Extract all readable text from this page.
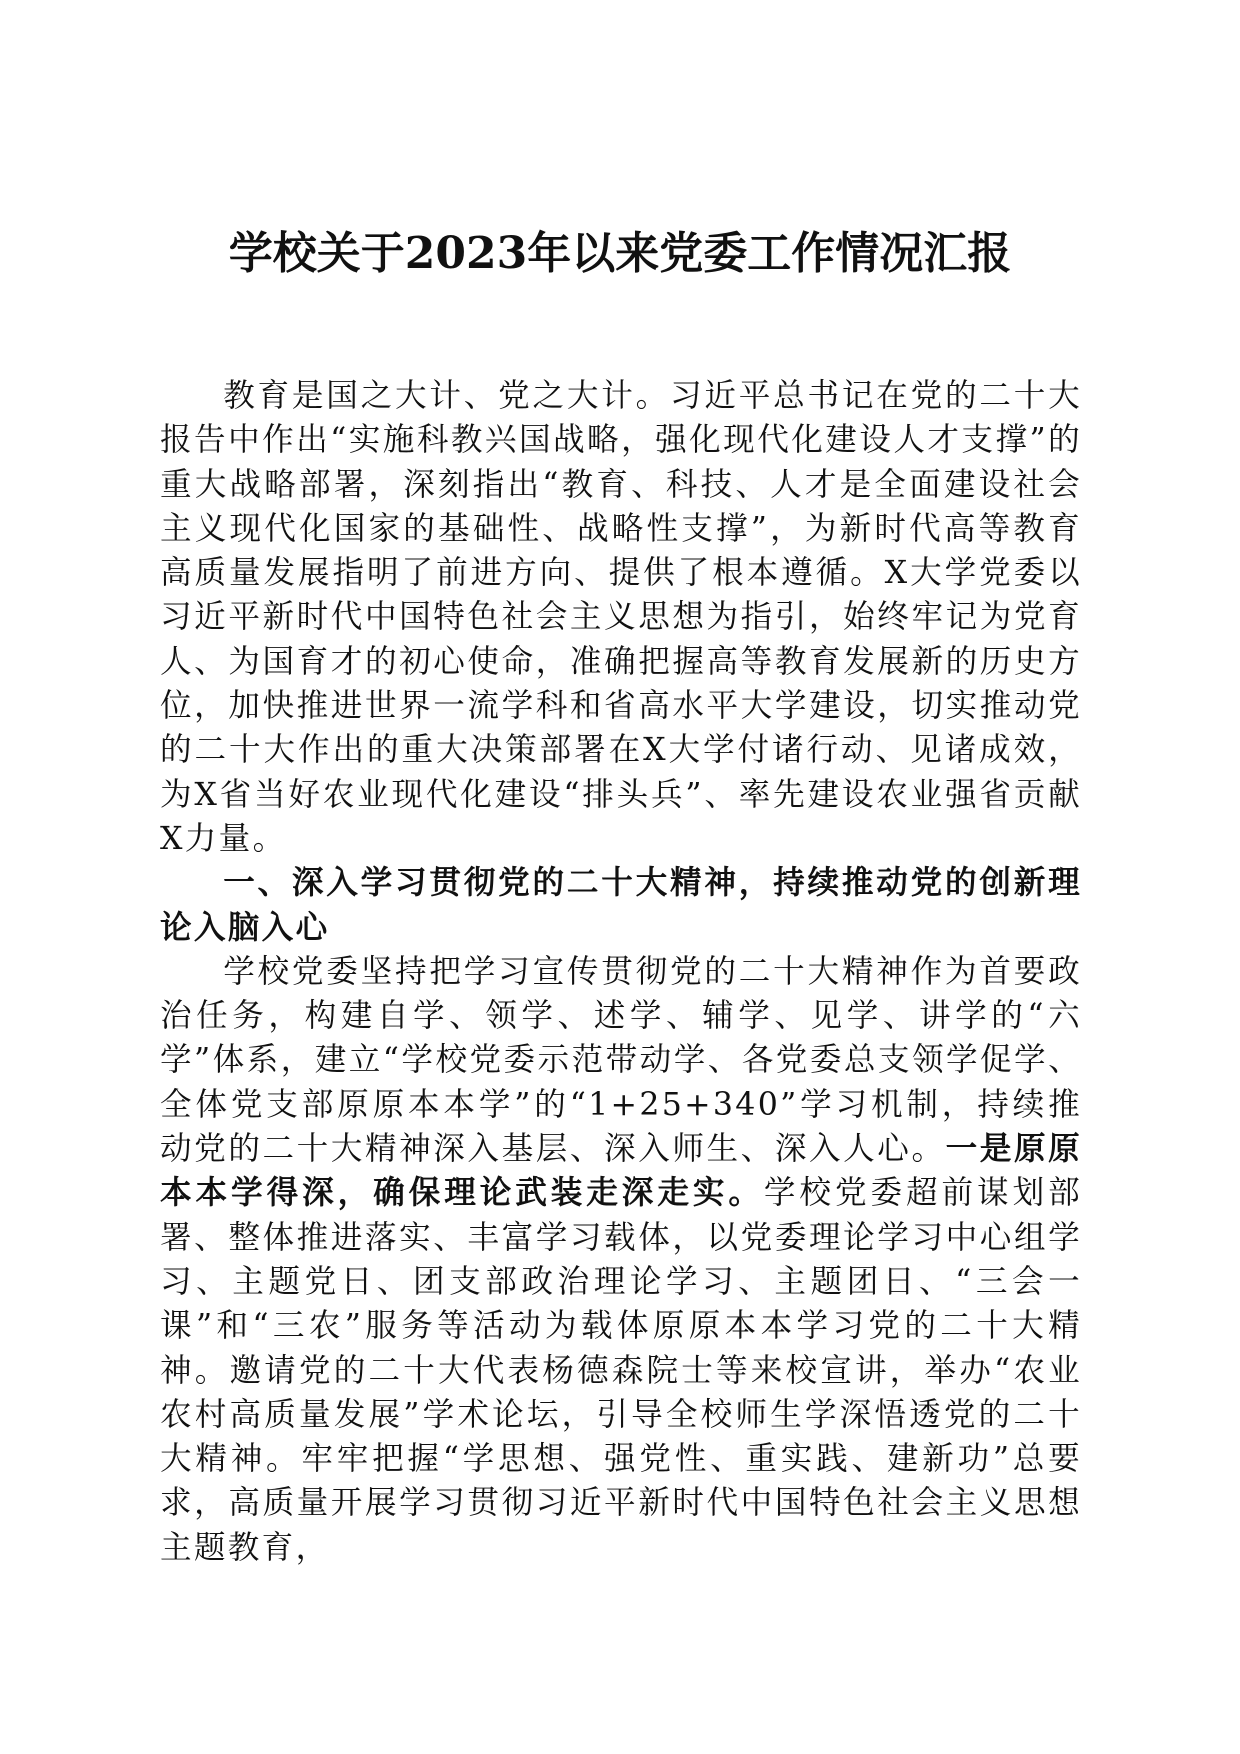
学校关于2023年以来党委工作情况汇报

教育是国之大计、党之大计。习近平总书记在党的二十大报告中作出“实施科教兴国战略，强化现代化建设人才支撑”的重大战略部署，深刻指出“教育、科技、人才是全面建设社会主义现代化国家的基础性、战略性支撑”，为新时代高等教育高质量发展指明了前进方向、提供了根本遵循。X大学党委以习近平新时代中国特色社会主义思想为指引，始终牢记为党育人、为国育才的初心使命，准确把握高等教育发展新的历史方位，加快推进世界一流学科和省高水平大学建设，切实推动党的二十大作出的重大决策部署在X大学付诸行动、见诸成效，为X省当好农业现代化建设“排头兵”、率先建设农业强省贡献X力量。

一、深入学习贯彻党的二十大精神，持续推动党的创新理论入脑入心

学校党委坚持把学习宣传贯彻党的二十大精神作为首要政治任务，构建自学、领学、述学、辅学、见学、讲学的“六学”体系，建立“学校党委示范带动学、各党委总支领学促学、全体党支部原原本本学”的“1+25+340”学习机制，持续推动党的二十大精神深入基层、深入师生、深入人心。一是原原本本学得深，确保理论武装走深走实。学校党委超前谋划部署、整体推进落实、丰富学习载体，以党委理论学习中心组学习、主题党日、团支部政治理论学习、主题团日、“三会一课”和“三农”服务等活动为载体原原本本学习党的二十大精神。邀请党的二十大代表杨德森院士等来校宣讲，举办“农业农村高质量发展”学术论坛，引导全校师生学深悟透党的二十大精神。牢牢把握“学思想、强党性、重实践、建新功”总要求，高质量开展学习贯彻习近平新时代中国特色社会主义思想主题教育，
